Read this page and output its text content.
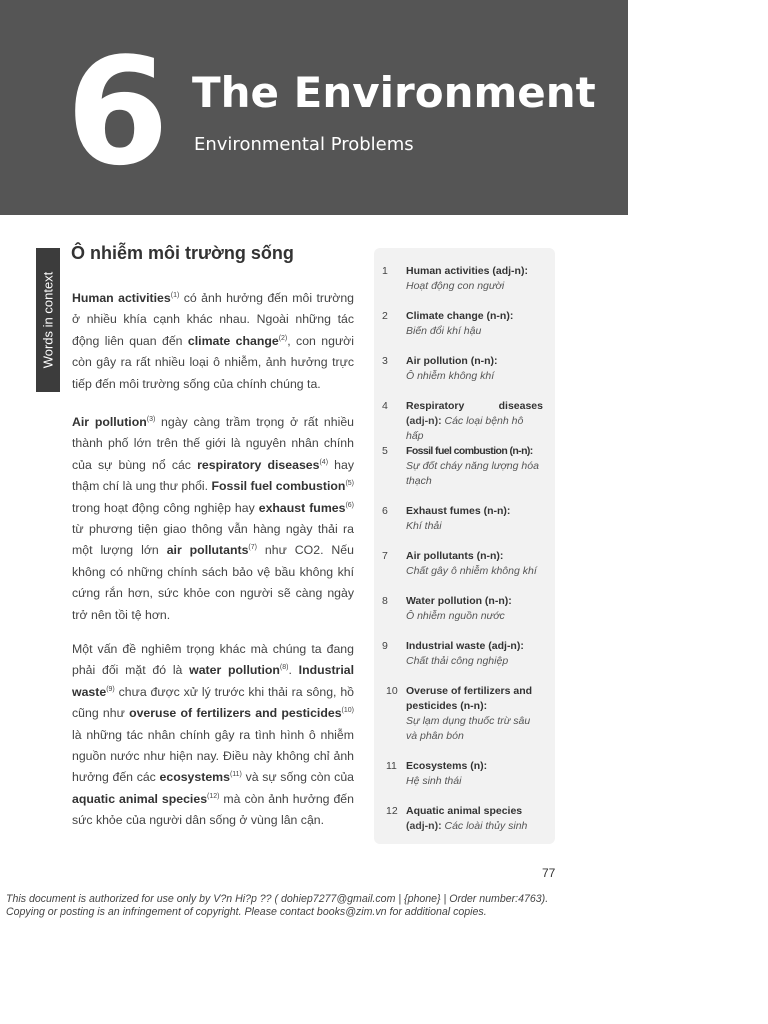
6 The Environment
Environmental Problems
Words in context
Ô nhiễm môi trường sống

Human activities$^{(1)}$ có ảnh hưởng đến môi trường ở nhiều khía cạnh khác nhau. Ngoài những tác động liên quan đến climate change$^{(2)}$, con người còn gây ra rất nhiều loại ô nhiễm, ảnh hưởng trực tiếp đến môi trường sống của chính chúng ta.

Air pollution$^{(3)}$ ngày càng trầm trọng ở rất nhiều thành phố lớn trên thế giới là nguyên nhân chính của sự bùng nổ các respiratory diseases$^{(4)}$ hay thậm chí là ung thư phổi. Fossil fuel combustion$^{(5)}$ trong hoạt động công nghiệp hay exhaust fumes$^{(6)}$ từ phương tiện giao thông vẫn hàng ngày thải ra một lượng lớn air pollutants$^{(7)}$ như CO2. Nếu không có những chính sách bảo vệ bầu không khí cứng rắn hơn, sức khỏe con người sẽ càng ngày trở nên tồi tệ hơn.

Một vấn đề nghiêm trọng khác mà chúng ta đang phải đối mặt đó là water pollution$^{(8)}$. Industrial waste$^{(9)}$ chưa được xử lý trước khi thải ra sông, hồ cũng như overuse of fertilizers and pesticides$^{(10)}$ là những tác nhân chính gây ra tình hình ô nhiễm nguồn nước như hiện nay. Điều này không chỉ ảnh hưởng đến các ecosystems$^{(11)}$ và sự sống còn của aquatic animal species$^{(12)}$ mà còn ảnh hưởng đến sức khỏe của người dân sống ở vùng lân cận.

1	Human activities (adj-n):
Hoạt động con người
2	Climate change (n-n):
Biến đổi khí hậu
3	Air pollution (n-n):
Ô nhiễm không khí
4	Respiratory diseases
(adj-n): Các loại bệnh hô hấp
5	Fossil fuel combustion (n-n):
Sự đốt cháy năng lượng hóa thạch
6	Exhaust fumes (n-n):
Khí thải
7	Air pollutants (n-n):
Chất gây ô nhiễm không khí
8	Water pollution (n-n):
Ô nhiễm nguồn nước
9	Industrial waste (adj-n):
Chất thải công nghiệp
10 Overuse of fertilizers and pesticides (n-n):
Sự lạm dụng thuốc trừ sâu và phân bón
11 Ecosystems (n):
Hệ sinh thái
12 Aquatic animal species
(adj-n): Các loài thủy sinh
77
This document is authorized for use only by V?n Hi?p ?? ( dohiep7277@gmail.com | {phone} | Order number:4763).
Copying or posting is an infringement of copyright. Please contact books@zim.vn for additional copies.
